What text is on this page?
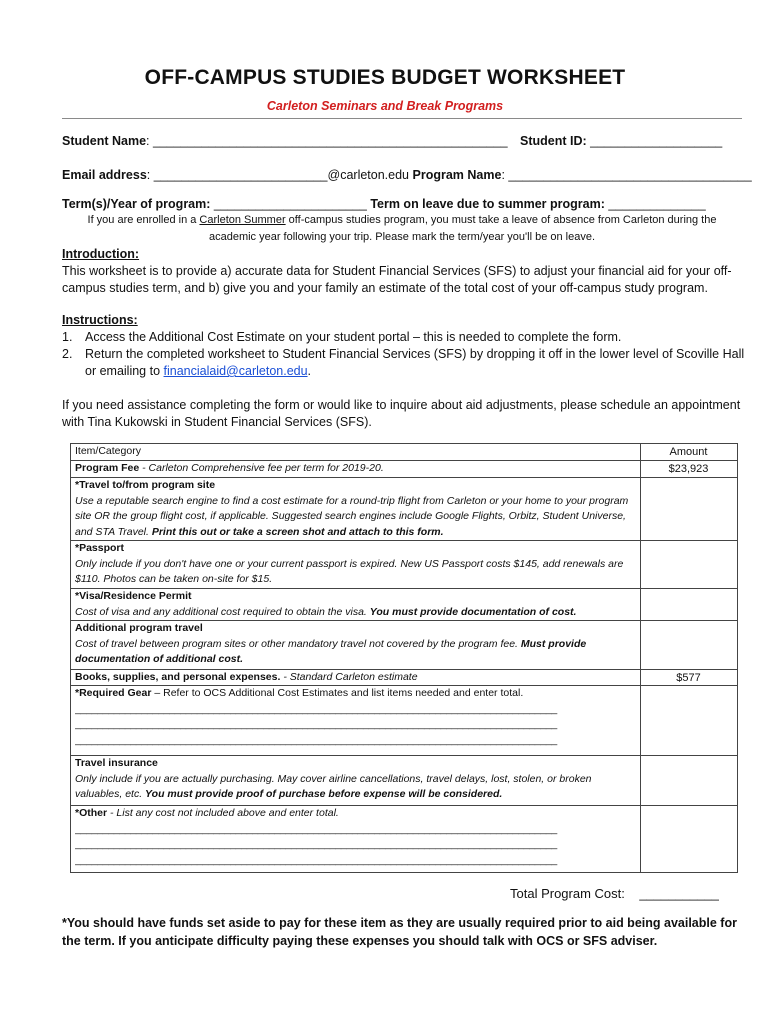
OFF-CAMPUS STUDIES BUDGET WORKSHEET
Carleton Seminars and Break Programs
Student Name: ___________________________________________________ Student ID: ___________________
Email address: _________________________@carleton.edu Program Name: ___________________________________
Term(s)/Year of program: ______________________ Term on leave due to summer program: ______________
If you are enrolled in a Carleton Summer off-campus studies program, you must take a leave of absence from Carleton during the
academic year following your trip. Please mark the term/year you'll be on leave.
Introduction:
This worksheet is to provide a) accurate data for Student Financial Services (SFS) to adjust your financial aid for your off-campus studies term, and b) give you and your family an estimate of the total cost of your off-campus study program.
Instructions:
1. Access the Additional Cost Estimate on your student portal – this is needed to complete the form.
2. Return the completed worksheet to Student Financial Services (SFS) by dropping it off in the lower level of Scoville Hall or emailing to financialaid@carleton.edu.
If you need assistance completing the form or would like to inquire about aid adjustments, please schedule an appointment with Tina Kukowski in Student Financial Services (SFS).
Item/Category	Amount
Program Fee - Carleton Comprehensive fee per term for 2019-20.	$23,923
*Travel to/from program site
Use a reputable search engine to find a cost estimate for a round-trip flight from Carleton or your home to your program site OR the group flight cost, if applicable. Suggested search engines include Google Flights, Orbitz, Student Universe, and STA Travel. Print this out or take a screen shot and attach to this form.
*Passport
Only include if you don't have one or your current passport is expired. New US Passport costs $145, add renewals are $110. Photos can be taken on-site for $15.
*Visa/Residence Permit
Cost of visa and any additional cost required to obtain the visa. You must provide documentation of cost.
Additional program travel
Cost of travel between program sites or other mandatory travel not covered by the program fee. Must provide documentation of additional cost.
Books, supplies, and personal expenses. - Standard Carleton estimate	$577
*Required Gear – Refer to OCS Additional Cost Estimates and list items needed and enter total.
_______________________________________________________________________________________
_______________________________________________________________________________________
_______________________________________________________________________________________
Travel insurance
Only include if you are actually purchasing. May cover airline cancellations, travel delays, lost, stolen, or broken valuables, etc. You must provide proof of purchase before expense will be considered.
*Other - List any cost not included above and enter total.
_______________________________________________________________________________________
_______________________________________________________________________________________
_______________________________________________________________________________________
Total Program Cost: ___________
*You should have funds set aside to pay for these item as they are usually required prior to aid being available for the term. If you anticipate difficulty paying these expenses you should talk with OCS or SFS adviser.
